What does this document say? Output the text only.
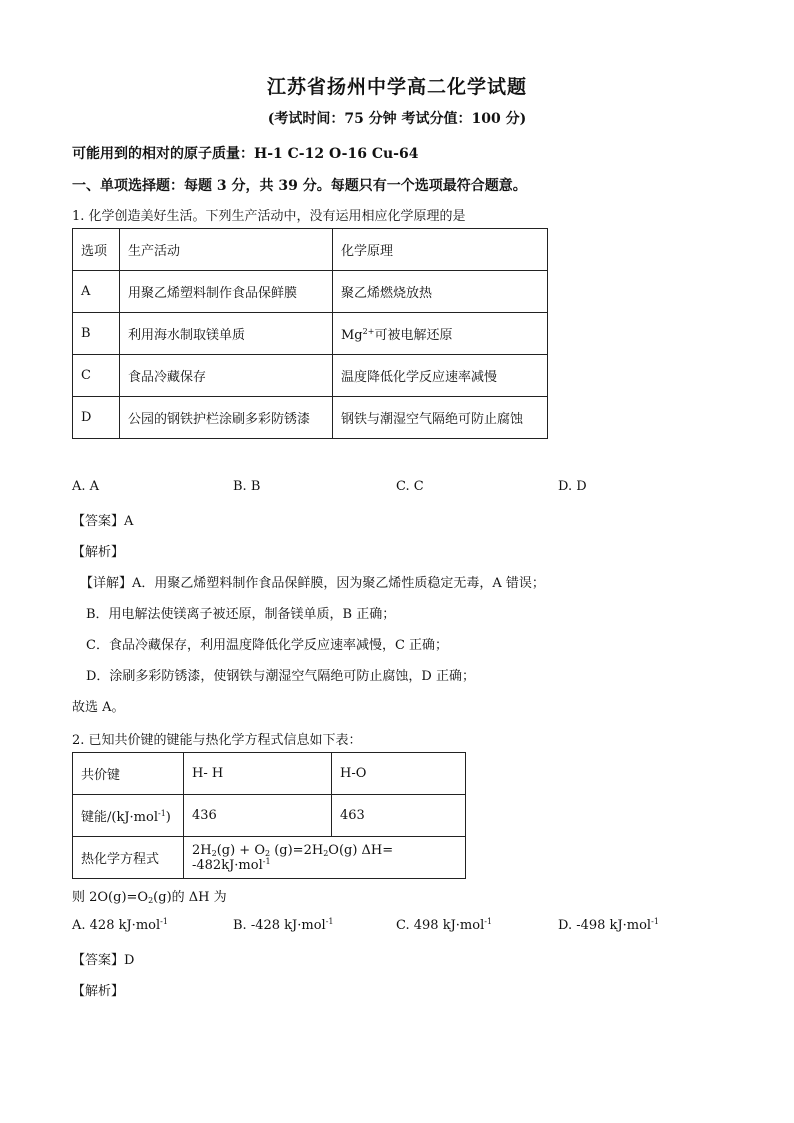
江苏省扬州中学高二化学试题
(考试时间：75 分钟 考试分值：100 分)
可能用到的相对的原子质量：H-1 C-12 O-16 Cu-64
一、单项选择题：每题 3 分，共 39 分。每题只有一个选项最符合题意。
1. 化学创造美好生活。下列生产活动中，没有运用相应化学原理的是
选项	生产活动	化学原理
A	用聚乙烯塑料制作食品保鲜膜	聚乙烯燃烧放热
B	利用海水制取镁单质	$Mg^{2+}$可被电解还原
C	食品冷藏保存	温度降低化学反应速率减慢
D	公园的钢铁护栏涂刷多彩防锈漆	钢铁与潮湿空气隔绝可防止腐蚀
A. A	B. B	C. C	D. D
【答案】A
【解析】
【详解】A．用聚乙烯塑料制作食品保鲜膜，因为聚乙烯性质稳定无毒，A 错误；
B．用电解法使镁离子被还原，制备镁单质，B 正确；
C．食品冷藏保存，利用温度降低化学反应速率减慢，C 正确；
D．涂刷多彩防锈漆，使钢铁与潮湿空气隔绝可防止腐蚀，D 正确；
故选 A。
2. 已知共价键的键能与热化学方程式信息如下表：
共价键	H- H	H-O
键能/(kJ·mol$^{-1}$)	436	463
热化学方程式	$2H_2(g) + O_2$ $(g)=2H_2O(g)$ ΔH= -482kJ·mol$^{-1}$
则 $2O(g)=O_2(g)$的 ΔH 为
A. 428 kJ·mol$^{-1}$	B. -428 kJ·mol$^{-1}$	C. 498 kJ·mol$^{-1}$	D. -498 kJ·mol$^{-1}$
【答案】D
【解析】
